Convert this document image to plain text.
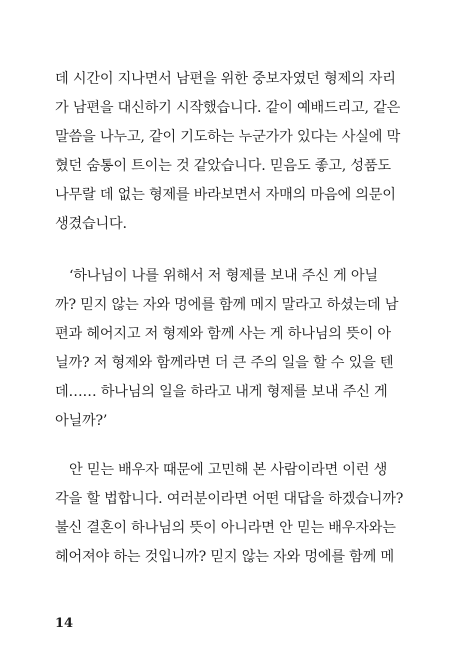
데 시간이 지나면서 남편을 위한 중보자였던 형제의 자리
가 남편을 대신하기 시작했습니다. 같이 예배드리고, 같은
말씀을 나누고, 같이 기도하는 누군가가 있다는 사실에 막
혔던 숨통이 트이는 것 같았습니다. 믿음도 좋고, 성품도
나무랄 데 없는 형제를 바라보면서 자매의 마음에 의문이
생겼습니다.
‘하나님이 나를 위해서 저 형제를 보내 주신 게 아닐
까? 믿지 않는 자와 멍에를 함께 메지 말라고 하셨는데 남
편과 헤어지고 저 형제와 함께 사는 게 하나님의 뜻이 아
닐까? 저 형제와 함께라면 더 큰 주의 일을 할 수 있을 텐
데…… 하나님의 일을 하라고 내게 형제를 보내 주신 게
아닐까?’
안 믿는 배우자 때문에 고민해 본 사람이라면 이런 생
각을 할 법합니다. 여러분이라면 어떤 대답을 하겠습니까?
불신 결혼이 하나님의 뜻이 아니라면 안 믿는 배우자와는
헤어져야 하는 것입니까? 믿지 않는 자와 멍에를 함께 메
14
